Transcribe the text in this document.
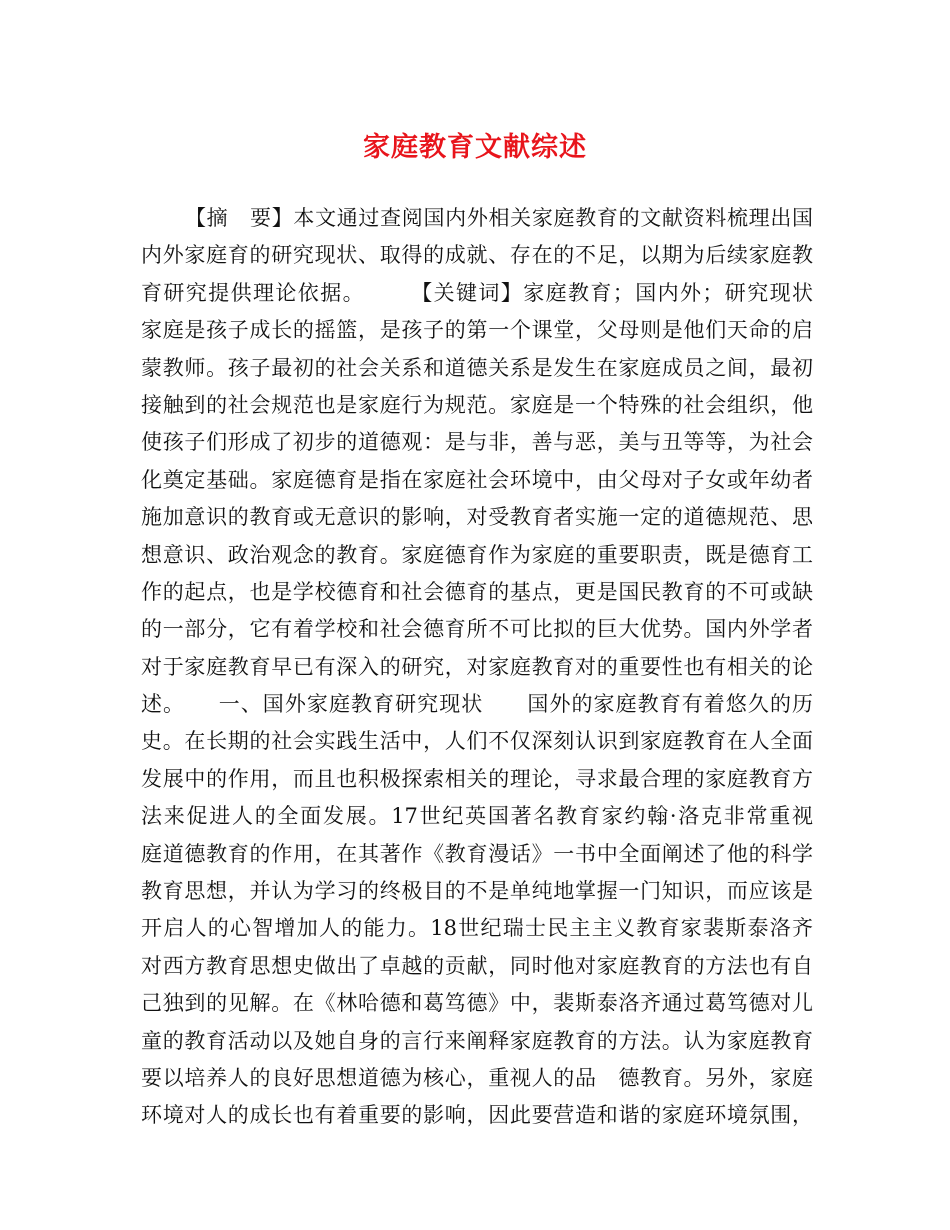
家庭教育文献综述
【摘　要】本文通过查阅国内外相关家庭教育的文献资料梳理出国
内外家庭育的研究现状、取得的成就、存在的不足，以期为后续家庭教
育研究提供理论依据。　　　【关键词】家庭教育；国内外；研究现状
家庭是孩子成长的摇篮，是孩子的第一个课堂，父母则是他们天命的启
蒙教师。孩子最初的社会关系和道德关系是发生在家庭成员之间，最初
接触到的社会规范也是家庭行为规范。家庭是一个特殊的社会组织，他
使孩子们形成了初步的道德观：是与非，善与恶，美与丑等等，为社会
化奠定基础。家庭德育是指在家庭社会环境中，由父母对子女或年幼者
施加意识的教育或无意识的影响，对受教育者实施一定的道德规范、思
想意识、政治观念的教育。家庭德育作为家庭的重要职责，既是德育工
作的起点，也是学校德育和社会德育的基点，更是国民教育的不可或缺
的一部分，它有着学校和社会德育所不可比拟的巨大优势。国内外学者
对于家庭教育早已有深入的研究，对家庭教育对的重要性也有相关的论
述。　　一、国外家庭教育研究现状　　国外的家庭教育有着悠久的历
史。在长期的社会实践生活中，人们不仅深刻认识到家庭教育在人全面
发展中的作用，而且也积极探索相关的理论，寻求最合理的家庭教育方
法来促进人的全面发展。17世纪英国著名教育家约翰·洛克非常重视
庭道德教育的作用，在其著作《教育漫话》一书中全面阐述了他的科学
教育思想，并认为学习的终极目的不是单纯地掌握一门知识，而应该是
开启人的心智增加人的能力。18世纪瑞士民主主义教育家裴斯泰洛齐
对西方教育思想史做出了卓越的贡献，同时他对家庭教育的方法也有自
己独到的见解。在《林哈德和葛笃德》中，裴斯泰洛齐通过葛笃德对儿
童的教育活动以及她自身的言行来阐释家庭教育的方法。认为家庭教育
要以培养人的良好思想道德为核心，重视人的品　德教育。另外，家庭
环境对人的成长也有着重要的影响，因此要营造和谐的家庭环境氛围，
